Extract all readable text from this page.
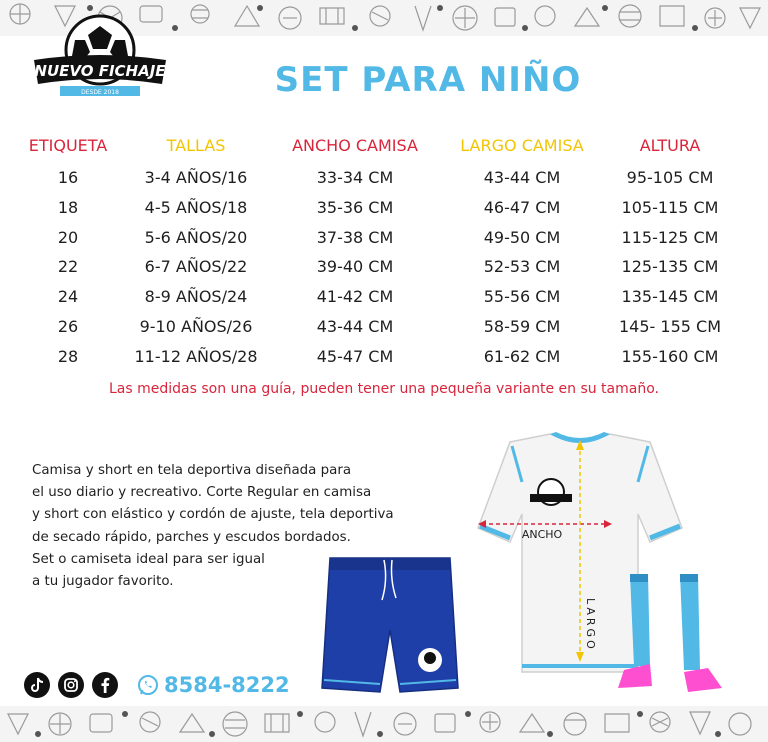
NUEVO FICHAJE
DESDE 2018	SET PARA NIÑO
ETIQUETA	TALLAS	ANCHO CAMISA	LARGO CAMISA	ALTURA
16	3-4 AÑOS/16	33-34 CM	43-44 CM	95-105 CM
18	4-5 AÑOS/18	35-36 CM	46-47 CM	105-115 CM
20	5-6 AÑOS/20	37-38 CM	49-50 CM	115-125 CM
22	6-7 AÑOS/22	39-40 CM	52-53 CM	125-135 CM
24	8-9 AÑOS/24	41-42 CM	55-56 CM	135-145 CM
26	9-10 AÑOS/26	43-44 CM	58-59 CM	145- 155 CM
28	11-12 AÑOS/28	45-47 CM	61-62 CM	155-160 CM
Las medidas son una guía, pueden tener una pequeña variante en su tamaño.
Camisa y short en tela deportiva diseñada para
el uso diario y recreativo. Corte Regular en camisa
y short con elástico y cordón de ajuste, tela deportiva
de secado rápido, parches y escudos bordados.
Set o camiseta ideal para ser igual
a tu jugador favorito.
ANCHO
LARGO
8584-8222
